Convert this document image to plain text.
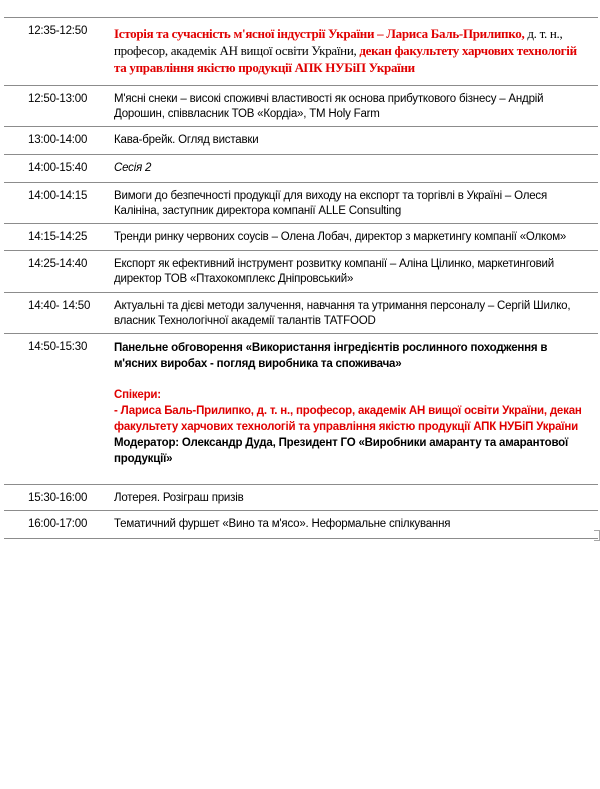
12:35-12:50	Історія та сучасність м'ясної індустрії України – Лариса Баль-Прилипко, д. т. н., професор, академік АН вищої освіти України, декан факультету харчових технологій та управління якістю продукції АПК НУБіП України

12:50-13:00	М'ясні снеки – високі споживчі властивості як основа прибуткового бізнесу – Андрій Дорошин, співвласник ТОВ «Кордіа», ТМ Holy Farm

13:00-14:00	Кава-брейк. Огляд виставки

14:00-15:40	Сесія 2

14:00-14:15	Вимоги до безпечності продукції для виходу на експорт та торгівлі в Україні – Олеся Калініна, заступник директора компанії ALLE Consulting

14:15-14:25	Тренди ринку червоних соусів – Олена Лобач, директор з маркетингу компанії «Олком»

14:25-14:40	Експорт як ефективний інструмент розвитку компанії – Аліна Цілинко, маркетинговий директор ТОВ «Птахокомплекс Дніпровський»

14:40- 14:50	Актуальні та дієві методи залучення, навчання та утримання персоналу – Сергій Шилко, власник Технологічної академії талантів TATFOOD

14:50-15:30	Панельне обговорення «Використання інгредієнтів рослинного походження в м'ясних виробах - погляд виробника та споживача»

Спікери:

- Лариса Баль-Прилипко, д. т. н., професор, академік АН вищої освіти України, декан факультету харчових технологій та управління якістю продукції АПК НУБіП України

Модератор: Олександр Дуда, Президент ГО «Виробники амаранту та амарантової продукції»

15:30-16:00	Лотерея. Розіграш призів

16:00-17:00	Тематичний фуршет «Вино та м'ясо». Неформальне спілкування
